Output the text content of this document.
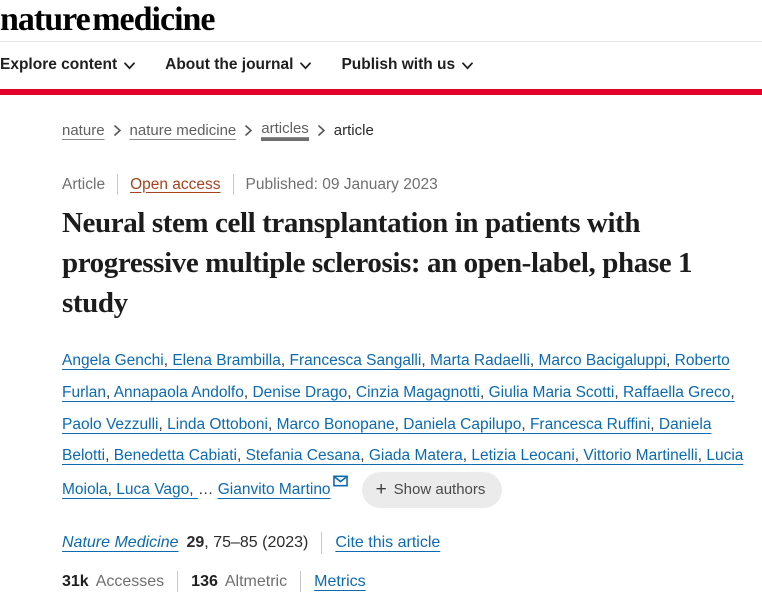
nature medicine
Explore content	About the journal	Publish with us
nature nature medicine articles article
Article Open access Published: 09 January 2023
Neural stem cell transplantation in patients with progressive multiple sclerosis: an open-label, phase 1 study

Angela Genchi , Elena Brambilla , Francesca Sangalli , Marta Radaelli , Marco Bacigaluppi , Roberto Furlan , Annapaola Andolfo , Denise Drago , Cinzia Magagnotti , Giulia Maria Scotti , Raffaella Greco , Paolo Vezzulli , Linda Ottoboni , Marco Bonopane , Daniela Capilupo , Francesca Ruffini , Daniela Belotti , Benedetta Cabiati , Stefania Cesana , Giada Matera , Letizia Leocani , Vittorio Martinelli , Lucia Moiola , Luca Vago , … Gianvito Martino + Show authors

Nature Medicine 29 , 75–85 (2023) Cite this article
31k Accesses 136 Altmetric Metrics
